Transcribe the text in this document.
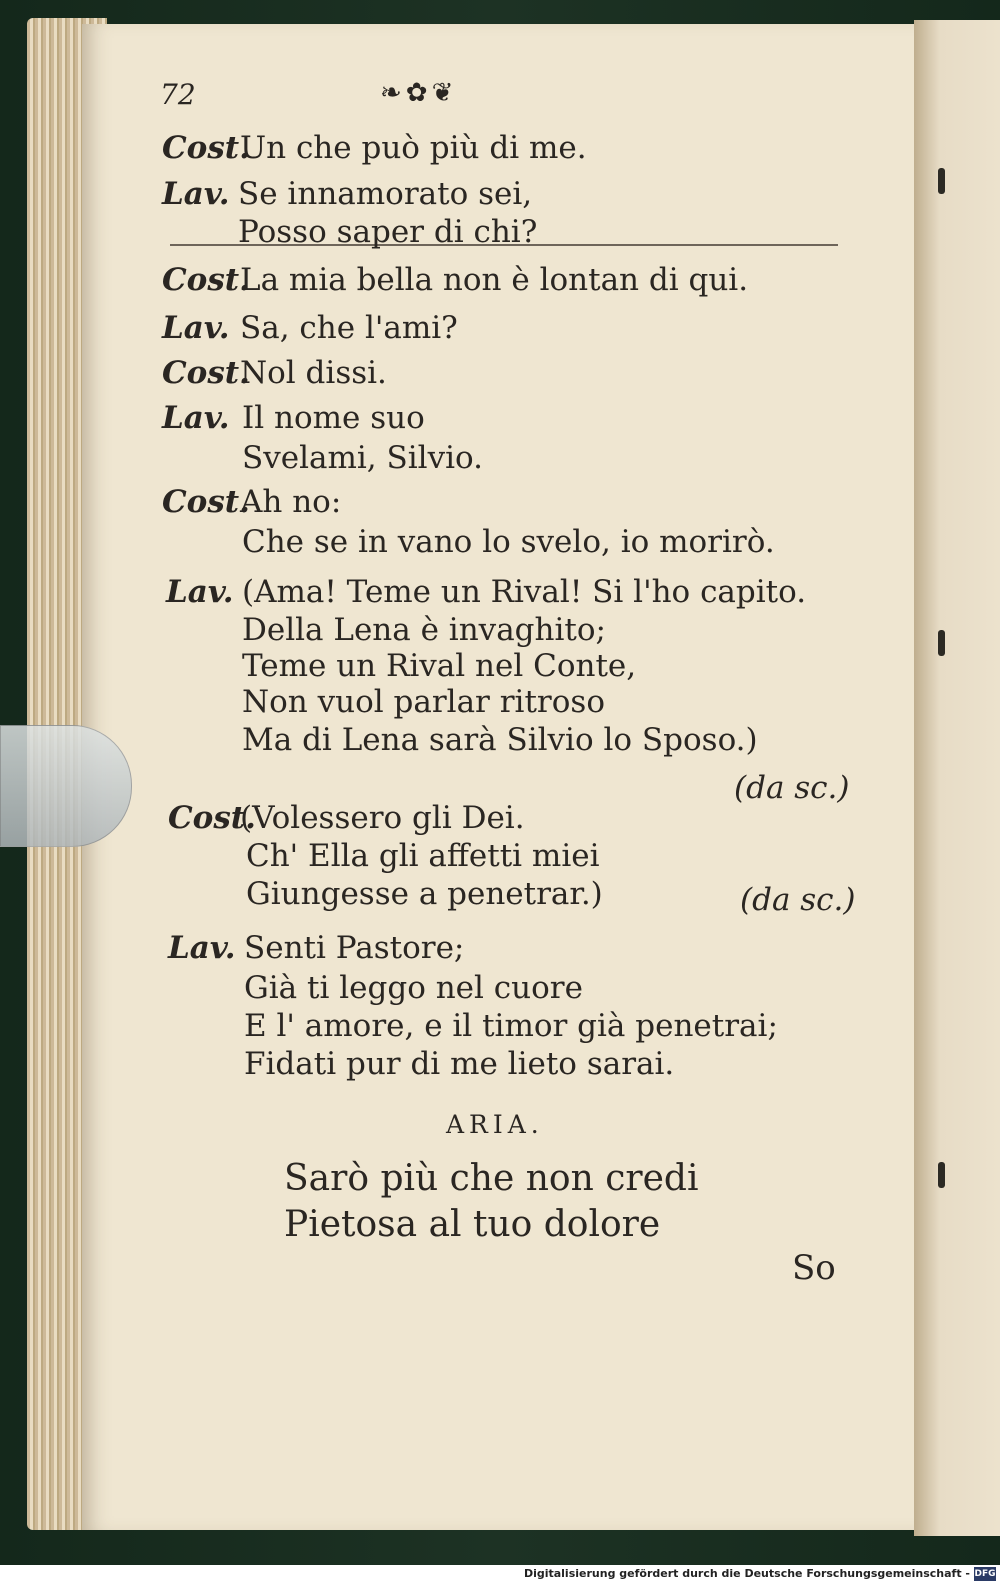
72	❧✿❦
Cost.
Un che può più di me.
Lav. Se innamorato sei,
Posso saper di chi?
Cost.
La mia bella non è lontan di qui.
Lav. Sa, che l'ami?
Cost.
Nol dissi.
Lav. Il nome suo
Svelami, Silvio.
Cost.
Ah no:
Che se in vano lo svelo, io morirò.
Lav. (Ama! Teme un Rival! Si l'ho capito.
Della Lena è invaghito;
Teme un Rival nel Conte,
Non vuol parlar ritroso
Ma di Lena sarà Silvio lo Sposo.)
(da sc.)
Cost.
(Volessero gli Dei.
Ch' Ella gli affetti miei
Giungesse a penetrar.)	(da sc.)
Lav. Senti Pastore;
Già ti leggo nel cuore
E l' amore, e il timor già penetrai;
Fidati pur di me lieto sarai.
ARIA.
Sarò più che non credi
Pietosa al tuo dolore
So
Digitalisierung gefördert durch die Deutsche Forschungsgemeinschaft - DFG
